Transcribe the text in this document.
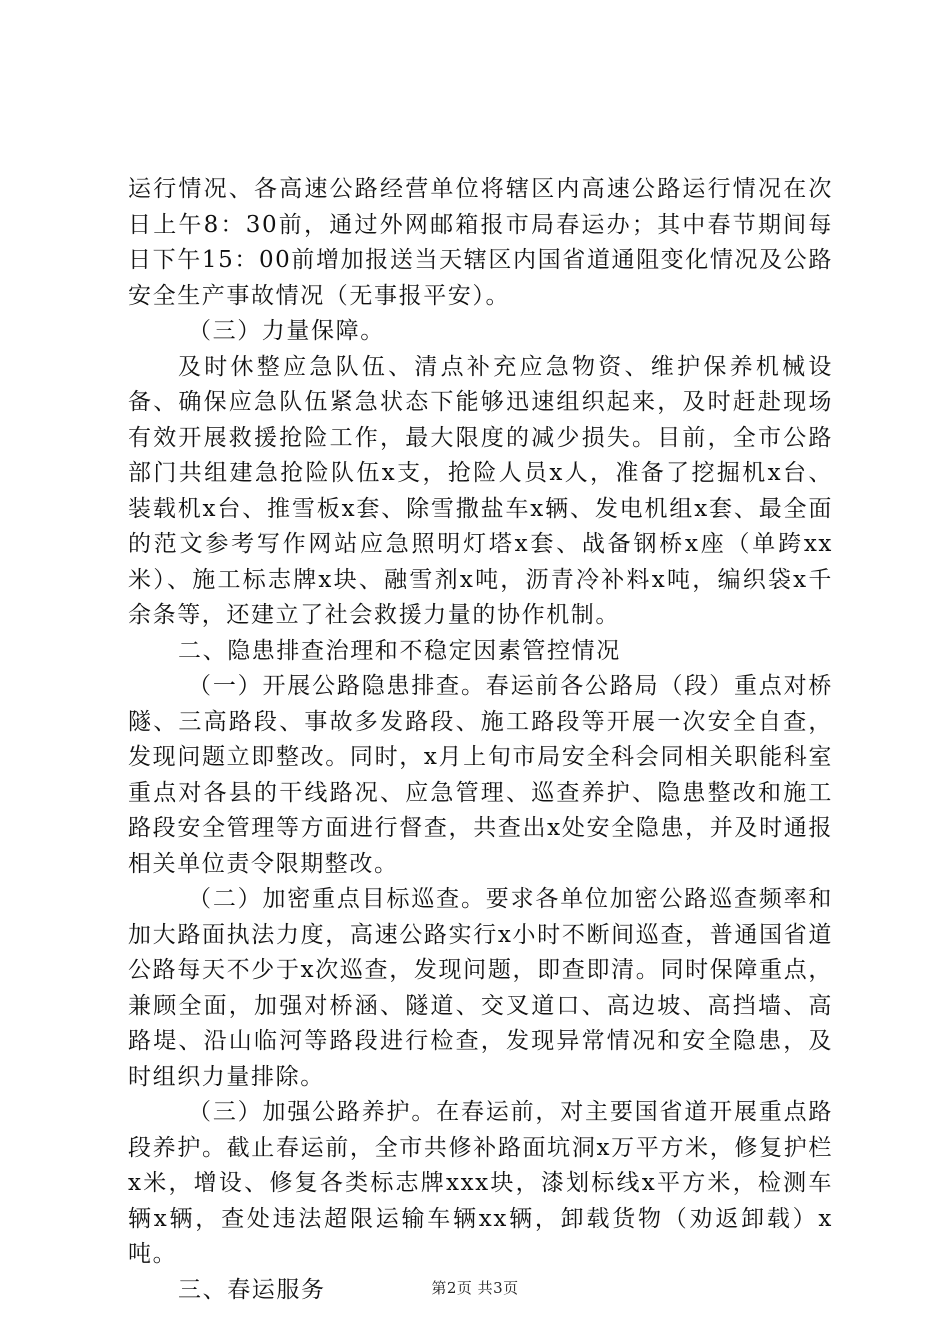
运行情况、各高速公路经营单位将辖区内高速公路运行情况在次日上午8：30前，通过外网邮箱报市局春运办；其中春节期间每日下午15：00前增加报送当天辖区内国省道通阻变化情况及公路安全生产事故情况（无事报平安）。

（三）力量保障。

及时休整应急队伍、清点补充应急物资、维护保养机械设备、确保应急队伍紧急状态下能够迅速组织起来，及时赶赴现场有效开展救援抢险工作，最大限度的减少损失。目前，全市公路部门共组建急抢险队伍x支，抢险人员x人，准备了挖掘机x台、装载机x台、推雪板x套、除雪撒盐车x辆、发电机组x套、最全面的范文参考写作网站应急照明灯塔x套、战备钢桥x座（单跨xx米）、施工标志牌x块、融雪剂x吨，沥青冷补料x吨，编织袋x千余条等，还建立了社会救援力量的协作机制。

二、隐患排查治理和不稳定因素管控情况

（一）开展公路隐患排查。春运前各公路局（段）重点对桥隧、三高路段、事故多发路段、施工路段等开展一次安全自查，发现问题立即整改。同时，x月上旬市局安全科会同相关职能科室重点对各县的干线路况、应急管理、巡查养护、隐患整改和施工路段安全管理等方面进行督查，共查出x处安全隐患，并及时通报相关单位责令限期整改。

（二）加密重点目标巡查。要求各单位加密公路巡查频率和加大路面执法力度，高速公路实行x小时不断间巡查，普通国省道公路每天不少于x次巡查，发现问题，即查即清。同时保障重点，兼顾全面，加强对桥涵、隧道、交叉道口、高边坡、高挡墙、高路堤、沿山临河等路段进行检查，发现异常情况和安全隐患，及时组织力量排除。

（三）加强公路养护。在春运前，对主要国省道开展重点路段养护。截止春运前，全市共修补路面坑洞x万平方米，修复护栏x米，增设、修复各类标志牌xxx块，漆划标线x平方米，检测车辆x辆，查处违法超限运输车辆xx辆，卸载货物（劝返卸载）x吨。

三、春运服务	第2页 共3页
